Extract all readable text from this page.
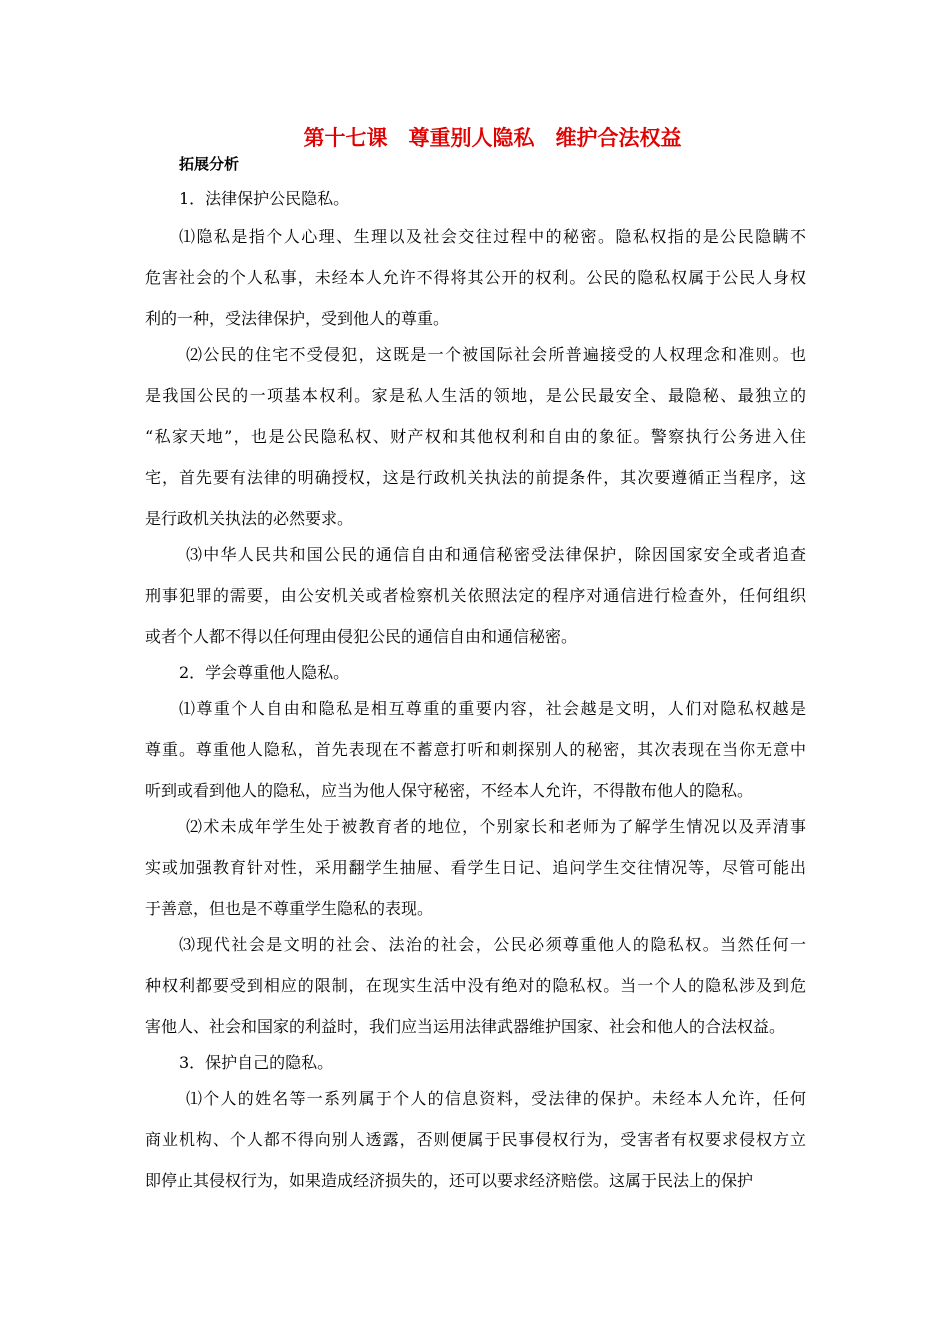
第十七课　尊重别人隐私　维护合法权益
拓展分析
1．法律保护公民隐私。
⑴隐私是指个人心理、生理以及社会交往过程中的秘密。隐私权指的是公民隐瞒不
危害社会的个人私事，未经本人允许不得将其公开的权利。公民的隐私权属于公民人身权
利的一种，受法律保护，受到他人的尊重。
⑵公民的住宅不受侵犯，这既是一个被国际社会所普遍接受的人权理念和准则。也
是我国公民的一项基本权利。家是私人生活的领地，是公民最安全、最隐秘、最独立的
“私家天地”，也是公民隐私权、财产权和其他权利和自由的象征。警察执行公务进入住
宅，首先要有法律的明确授权，这是行政机关执法的前提条件，其次要遵循正当程序，这
是行政机关执法的必然要求。
⑶中华人民共和国公民的通信自由和通信秘密受法律保护，除因国家安全或者追查
刑事犯罪的需要，由公安机关或者检察机关依照法定的程序对通信进行检查外，任何组织
或者个人都不得以任何理由侵犯公民的通信自由和通信秘密。
2．学会尊重他人隐私。
⑴尊重个人自由和隐私是相互尊重的重要内容，社会越是文明，人们对隐私权越是
尊重。尊重他人隐私，首先表现在不蓄意打听和刺探别人的秘密，其次表现在当你无意中
听到或看到他人的隐私，应当为他人保守秘密，不经本人允许，不得散布他人的隐私。
⑵术未成年学生处于被教育者的地位，个别家长和老师为了解学生情况以及弄清事
实或加强教育针对性，采用翻学生抽屉、看学生日记、追问学生交往情况等，尽管可能出
于善意，但也是不尊重学生隐私的表现。
⑶现代社会是文明的社会、法治的社会，公民必须尊重他人的隐私权。当然任何一
种权利都要受到相应的限制，在现实生活中没有绝对的隐私权。当一个人的隐私涉及到危
害他人、社会和国家的利益时，我们应当运用法律武器维护国家、社会和他人的合法权益。
3．保护自己的隐私。
⑴个人的姓名等一系列属于个人的信息资料，受法律的保护。未经本人允许，任何
商业机构、个人都不得向别人透露，否则便属于民事侵权行为，受害者有权要求侵权方立
即停止其侵权行为，如果造成经济损失的，还可以要求经济赔偿。这属于民法上的保护
